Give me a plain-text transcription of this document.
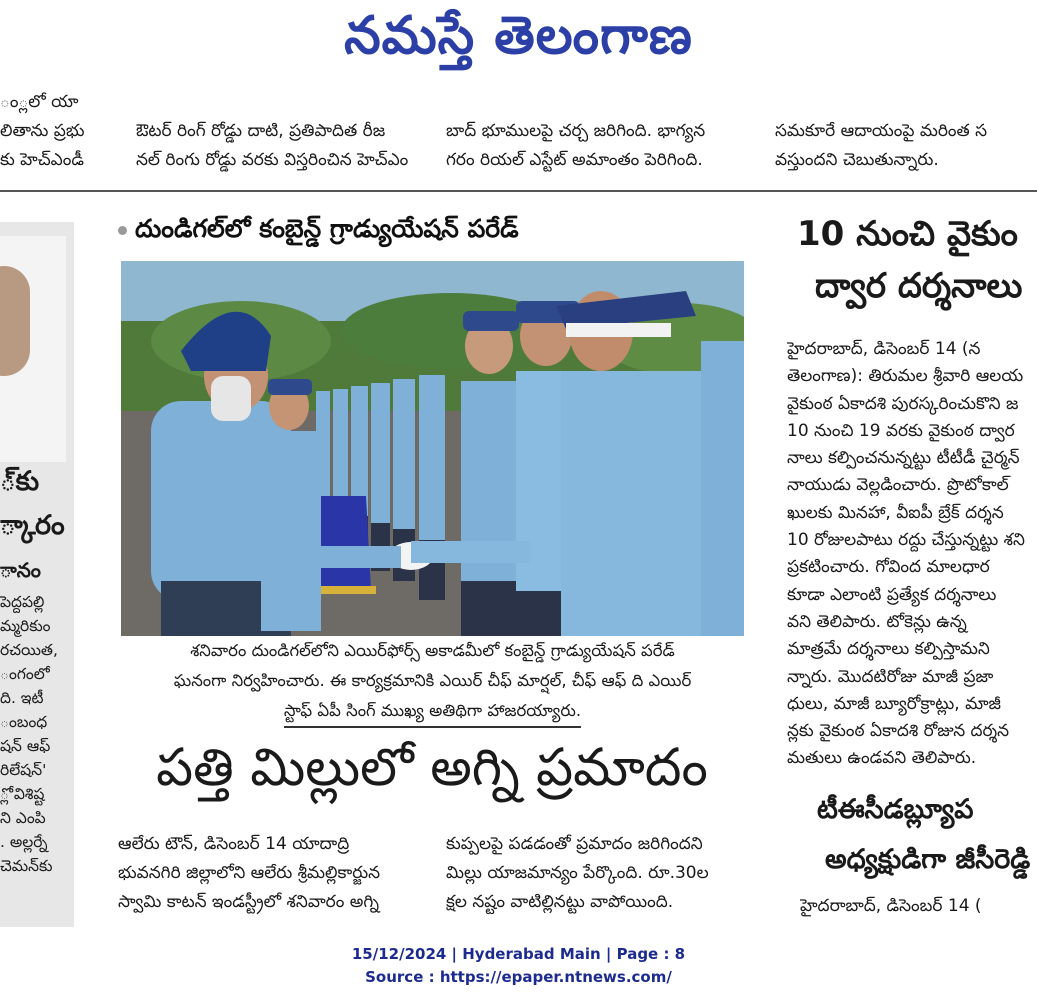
నమస్తే తెలంగాణ
ం్లలో యా
లితాను ప్రభు
కు హెచ్ఎండీ
ఔటర్ రింగ్ రోడ్డు దాటి, ప్రతిపాదిత రీజ
నల్ రింగు రోడ్డు వరకు విస్తరించిన హెచ్ఎం
బాద్ భూములపై చర్చ జరిగింది. భాగ్యన
గరం రియల్ ఎస్టేట్ అమాంతం పెరిగింది.
సమకూరే ఆదాయంపై మరింత స
వస్తుందని చెబుతున్నారు.
్‌కు
్కారం
ానం
పెద్దపల్లి
మ్మరికుం
రచయిత,
ంగంలో
ది. ఇటీ
ంబంధ
షన్ ఆఫ్
రిలేషన్'
్లో విశిష్ట
ని ఎంపి
. అల్లర్నే
చెమన్‌కు
దుండిగల్‌లో కంబైన్డ్ గ్రాడ్యుయేషన్ పరేడ్
శనివారం దుండిగల్‌లోని ఎయిర్‌ఫోర్స్ అకాడమీలో కంబైన్డ్ గ్రాడ్యుయేషన్ పరేడ్
ఘనంగా నిర్వహించారు. ఈ కార్యక్రమానికి ఎయిర్ చీఫ్ మార్షల్, చీఫ్ ఆఫ్ ది ఎయిర్
స్టాఫ్ ఏపీ సింగ్ ముఖ్య అతిథిగా హాజరయ్యారు.
పత్తి మిల్లులో అగ్ని ప్రమాదం
ఆలేరు టౌన్, డిసెంబర్ 14 యాదాద్రి
భువనగిరి జిల్లాలోని ఆలేరు శ్రీమల్లికార్జున
స్వామి కాటన్ ఇండస్ట్రీలో శనివారం అగ్ని
కుప్పలపై పడడంతో ప్రమాదం జరిగిందని
మిల్లు యాజమాన్యం పేర్కొంది. రూ.30ల
క్షల నష్టం వాటిల్లినట్టు వాపోయింది.
10 నుంచి వైకుం
ద్వార దర్శనాలు
హైదరాబాద్, డిసెంబర్ 14 (న
తెలంగాణ): తిరుమల శ్రీవారి ఆలయ
వైకుంఠ ఏకాదశి పురస్కరించుకొని జ
10 నుంచి 19 వరకు వైకుంఠ ద్వార
నాలు కల్పించనున్నట్టు టీటీడీ చైర్మన్
నాయుడు వెల్లడించారు. ప్రొటోకాల్
ఖులకు మినహా, వీఐపీ బ్రేక్ దర్శన
10 రోజులపాటు రద్దు చేస్తున్నట్టు శని
ప్రకటించారు. గోవింద మాలధార
కూడా ఎలాంటి ప్రత్యేక దర్శనాలు
వని తెలిపారు. టోకెన్లు ఉన్న
మాత్రమే దర్శనాలు కల్పిస్తామని
న్నారు. మొదటిరోజు మాజీ ప్రజా
ధులు, మాజీ బ్యూరోక్రాట్లు, మాజీ
న్లకు వైకుంఠ ఏకాదశి రోజున దర్శన
మతులు ఉండవని తెలిపారు.
టీఈసీడబ్ల్యూప
అధ్యక్షుడిగా జీసీరెడ్డి
హైదరాబాద్, డిసెంబర్ 14 (
15/12/2024 | Hyderabad Main | Page : 8
Source : https://epaper.ntnews.com/
